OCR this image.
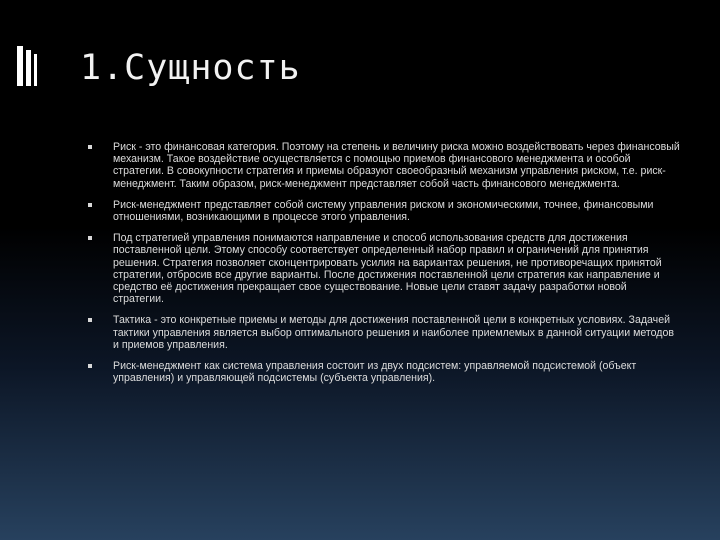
1.Сущность
Риск - это финансовая категория. Поэтому на степень и величину риска можно воздействовать через финансовый механизм. Такое воздействие осуществляется с помощью приемов финансового менеджмента и особой стратегии. В совокупности стратегия и приемы образуют своеобразный механизм управления риском, т.е. риск-менеджмент. Таким образом, риск-менеджмент представляет собой часть финансового менеджмента.
Риск-менеджмент представляет собой систему управления риском и экономическими, точнее, финансовыми отношениями, возникающими в процессе этого управления.
Под стратегией управления понимаются направление и способ использования средств для достижения поставленной цели. Этому способу соответствует определенный набор правил и ограничений для принятия решения. Стратегия позволяет сконцентрировать усилия на вариантах решения, не противоречащих принятой стратегии, отбросив все другие варианты. После достижения поставленной цели стратегия как направление и средство её достижения прекращает свое существование. Новые цели ставят задачу разработки новой стратегии.
Тактика - это конкретные приемы и методы для достижения поставленной цели в конкретных условиях. Задачей тактики управления является выбор оптимального решения и наиболее приемлемых в данной ситуации методов и приемов управления.
Риск-менеджмент как система управления состоит из двух подсистем: управляемой подсистемой (объект управления) и управляющей подсистемы (субъекта управления).
